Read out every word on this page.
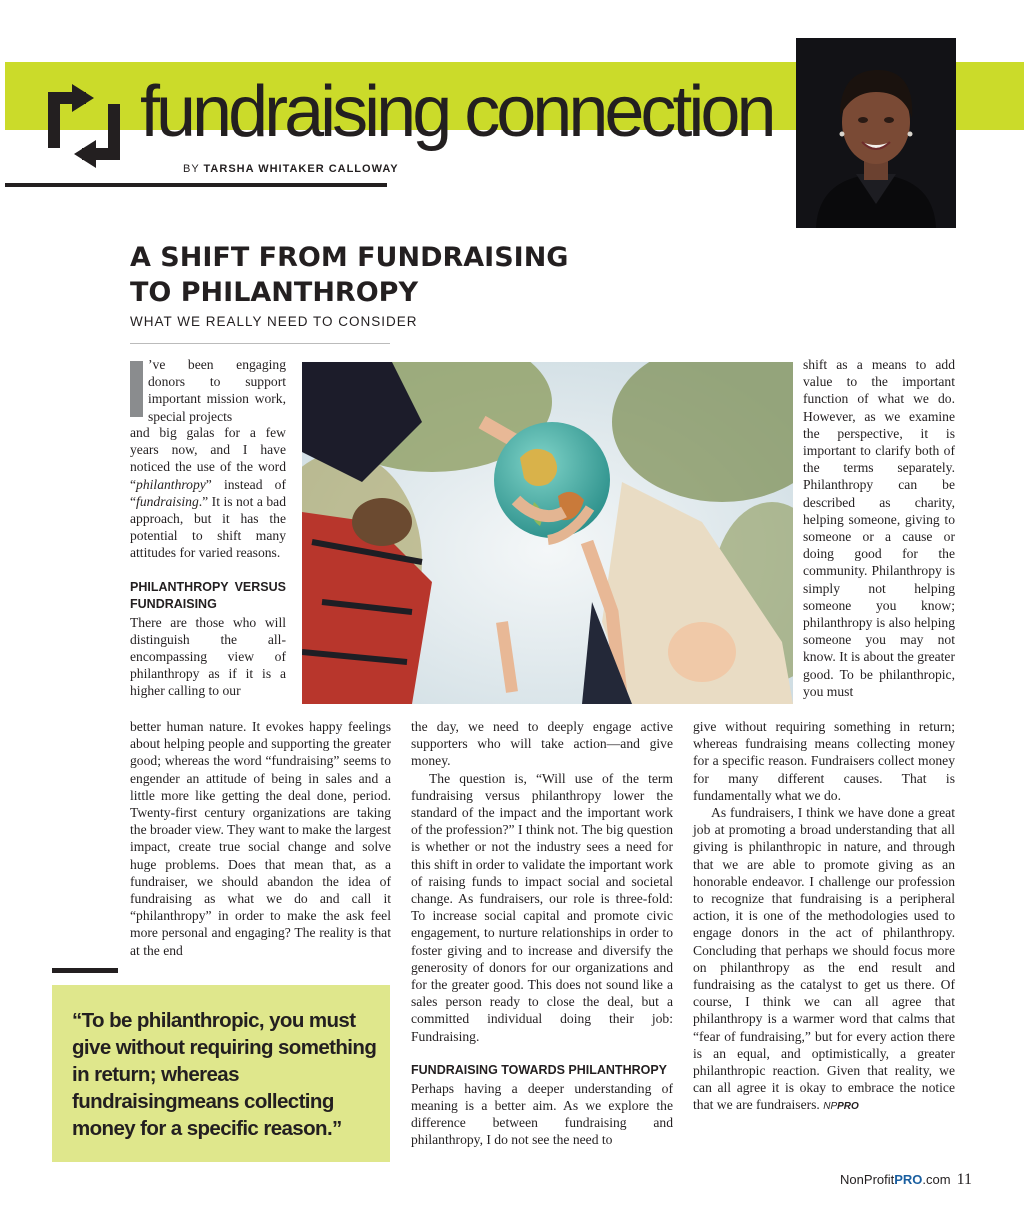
fundraising connection
BY TARSHA WHITAKER CALLOWAY
A SHIFT FROM FUNDRAISING
TO PHILANTHROPY
WHAT WE REALLY NEED TO CONSIDER
’ve been engaging donors to support important mission work, special projects

and big galas for a few years now, and I have noticed the use of the word “philanthropy” instead of “fundraising.” It is not a bad approach, but it has the potential to shift many attitudes for varied reasons.

PHILANTHROPY VERSUS FUNDRAISING

There are those who will distinguish the all-encompassing view of philanthropy as if it is a higher calling to our

better human nature. It evokes happy feelings about helping people and supporting the greater good; whereas the word “fundraising” seems to engender an attitude of being in sales and a little more like getting the deal done, period. Twenty-first century organizations are taking the broader view. They want to make the largest impact, create true social change and solve huge problems. Does that mean that, as a fundraiser, we should abandon the idea of fundraising as what we do and call it “philanthropy” in order to make the ask feel more personal and engaging? The reality is that at the end

the day, we need to deeply engage active supporters who will take action—and give money.

The question is, “Will use of the term fundraising versus philanthropy lower the standard of the impact and the important work of the profession?” I think not. The big question is whether or not the industry sees a need for this shift in order to validate the important work of raising funds to impact social and societal change. As fundraisers, our role is three-fold: To increase social capital and promote civic engagement, to nurture relationships in order to foster giving and to increase and diversify the generosity of donors for our organizations and for the greater good. This does not sound like a sales person ready to close the deal, but a committed individual doing their job: Fundraising.

FUNDRAISING TOWARDS PHILANTHROPY

Perhaps having a deeper understanding of meaning is a better aim. As we explore the difference between fundraising and philanthropy, I do not see the need to

shift as a means to add value to the important function of what we do. However, as we examine the perspective, it is important to clarify both of the terms separately. Philanthropy can be described as charity, helping someone, giving to someone or a cause or doing good for the community. Philanthropy is simply not helping someone you know; philanthropy is also helping someone you may not know. It is about the greater good. To be philanthropic, you must

give without requiring something in return; whereas fundraising means collecting money for a specific reason. Fundraisers collect money for many different causes. That is fundamentally what we do.

As fundraisers, I think we have done a great job at promoting a broad understanding that all giving is philanthropic in nature, and through that we are able to promote giving as an honorable endeavor. I challenge our profession to recognize that fundraising is a peripheral action, it is one of the methodologies used to engage donors in the act of philanthropy. Concluding that perhaps we should focus more on philanthropy as the end result and fundraising as the catalyst to get us there. Of course, I think we can all agree that philanthropy is a warmer word that calms that “fear of fundraising,” but for every action there is an equal, and optimistically, a greater philanthropic reaction. Given that reality, we can all agree it is okay to embrace the notice that we are fundraisers. NPPRO

“To be philanthropic, you must give without requiring something in return; whereas fundraisingmeans collecting money for a specific reason.”
NonProfitPRO.com 11
